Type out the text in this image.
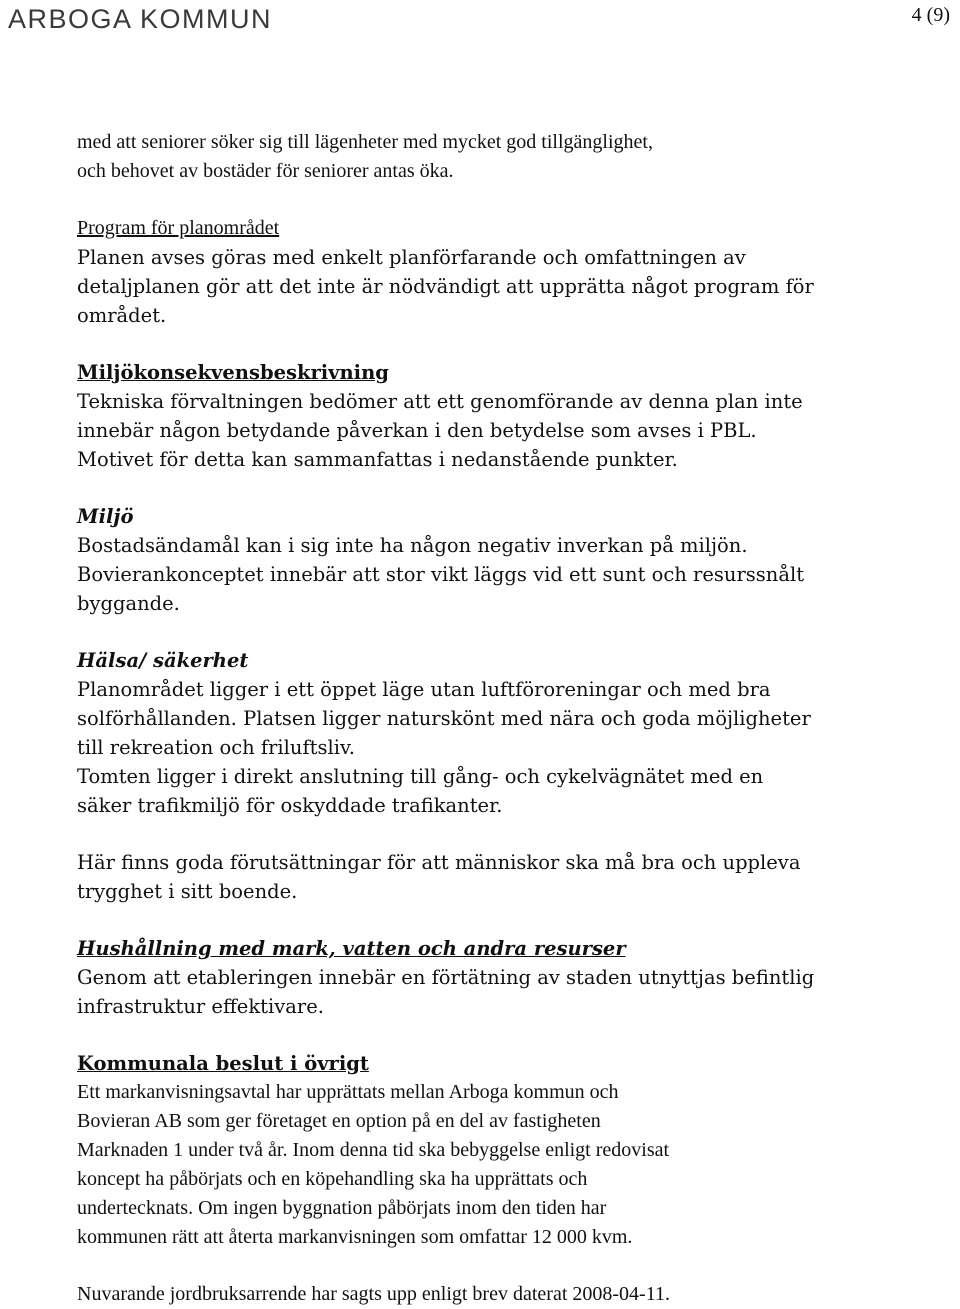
ARBOGA KOMMUN	4 (9)

med att seniorer söker sig till lägenheter med mycket god tillgänglighet,

och behovet av bostäder för seniorer antas öka.

Program för planområdet

Planen avses göras med enkelt planförfarande och omfattningen av

detaljplanen gör att det inte är nödvändigt att upprätta något program för

området.

Miljökonsekvensbeskrivning

Tekniska förvaltningen bedömer att ett genomförande av denna plan inte

innebär någon betydande påverkan i den betydelse som avses i PBL.

Motivet för detta kan sammanfattas i nedanstående punkter.

Miljö

Bostadsändamål kan i sig inte ha någon negativ inverkan på miljön.

Bovierankonceptet innebär att stor vikt läggs vid ett sunt och resurssnålt

byggande.

Hälsa/ säkerhet

Planområdet ligger i ett öppet läge utan luftföroreningar och med bra

solförhållanden. Platsen ligger naturskönt med nära och goda möjligheter

till rekreation och friluftsliv.

Tomten ligger i direkt anslutning till gång- och cykelvägnätet med en

säker trafikmiljö för oskyddade trafikanter.

Här finns goda förutsättningar för att människor ska må bra och uppleva

trygghet i sitt boende.

Hushållning med mark, vatten och andra resurser

Genom att etableringen innebär en förtätning av staden utnyttjas befintlig

infrastruktur effektivare.

Kommunala beslut i övrigt

Ett markanvisningsavtal har upprättats mellan Arboga kommun och

Bovieran AB som ger företaget en option på en del av fastigheten

Marknaden 1 under två år. Inom denna tid ska bebyggelse enligt redovisat

koncept ha påbörjats och en köpehandling ska ha upprättats och

undertecknats. Om ingen byggnation påbörjats inom den tiden har

kommunen rätt att återta markanvisningen som omfattar 12 000 kvm.

Nuvarande jordbruksarrende har sagts upp enligt brev daterat 2008-04-11.
